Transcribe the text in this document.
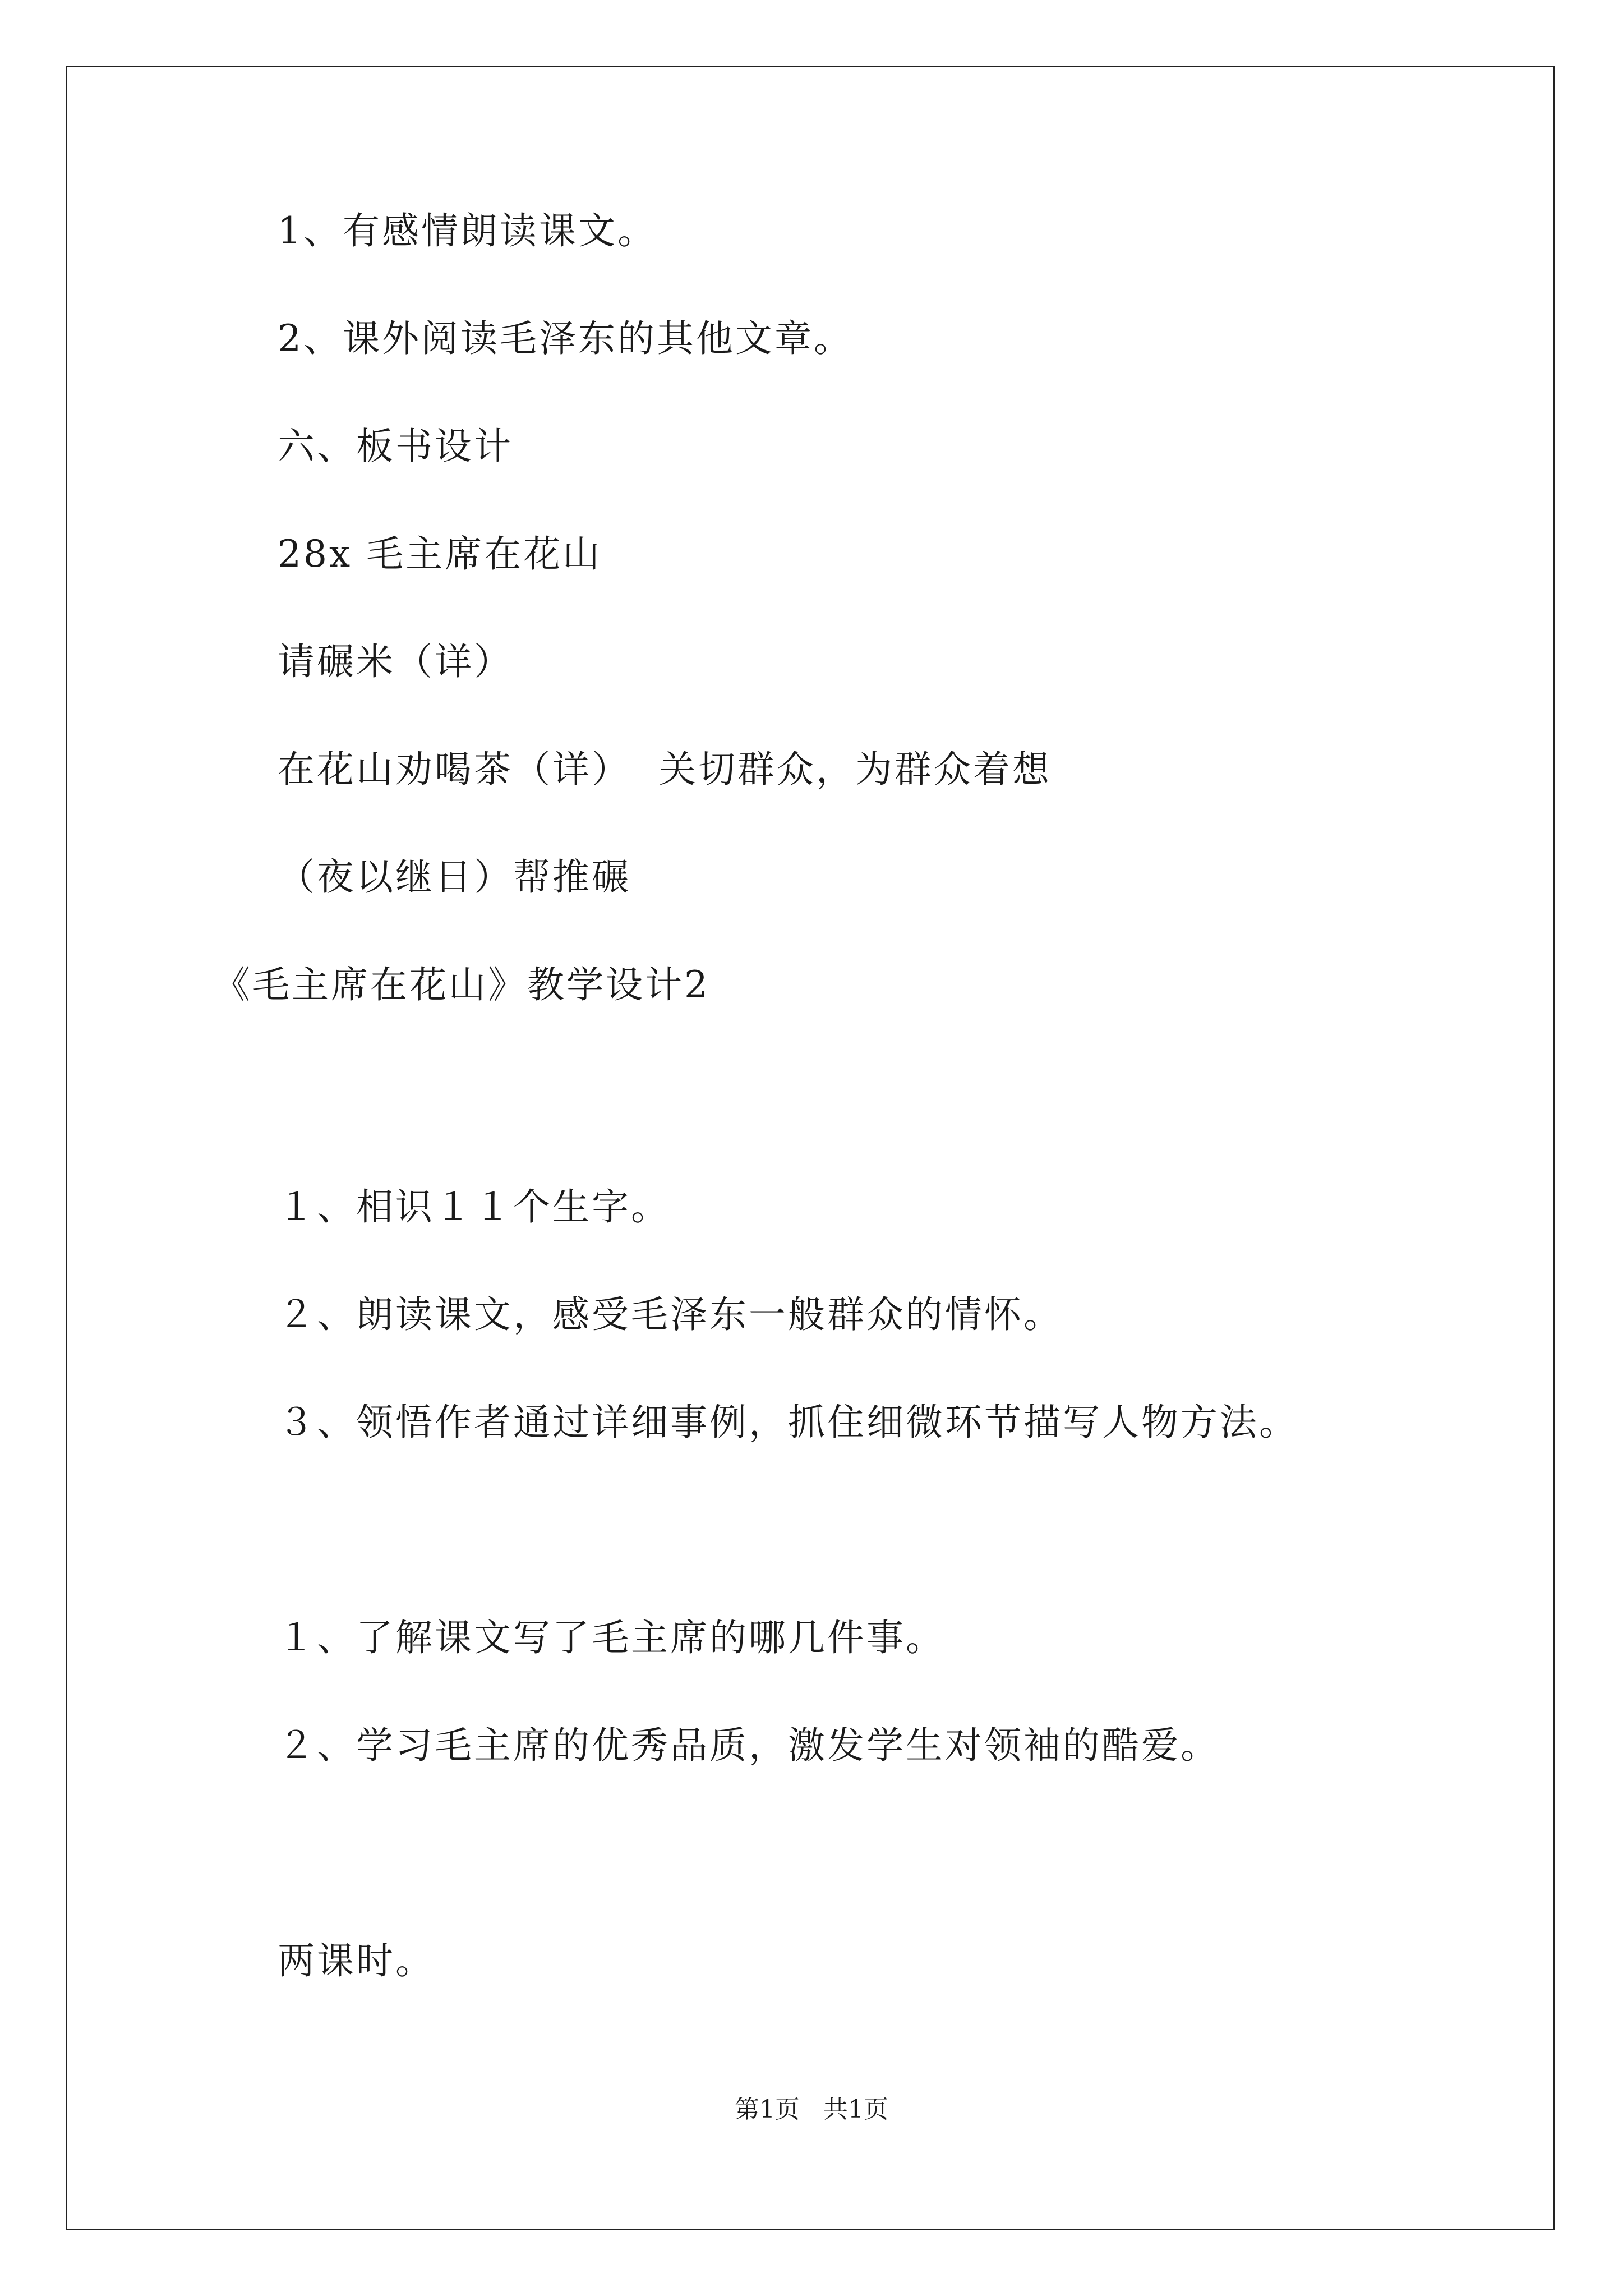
1、有感情朗读课文。
2、课外阅读毛泽东的其他文章。
六、板书设计
28x 毛主席在花山
请碾米（详）
在花山劝喝茶（详）  关切群众，为群众着想
（夜以继日）帮推碾
《毛主席在花山》教学设计2
１、相识１１个生字。
２、朗读课文，感受毛泽东一般群众的情怀。
３、领悟作者通过详细事例，抓住细微环节描写人物方法。
１、了解课文写了毛主席的哪几件事。
２、学习毛主席的优秀品质，激发学生对领袖的酷爱。
两课时。
第1页   共1页
